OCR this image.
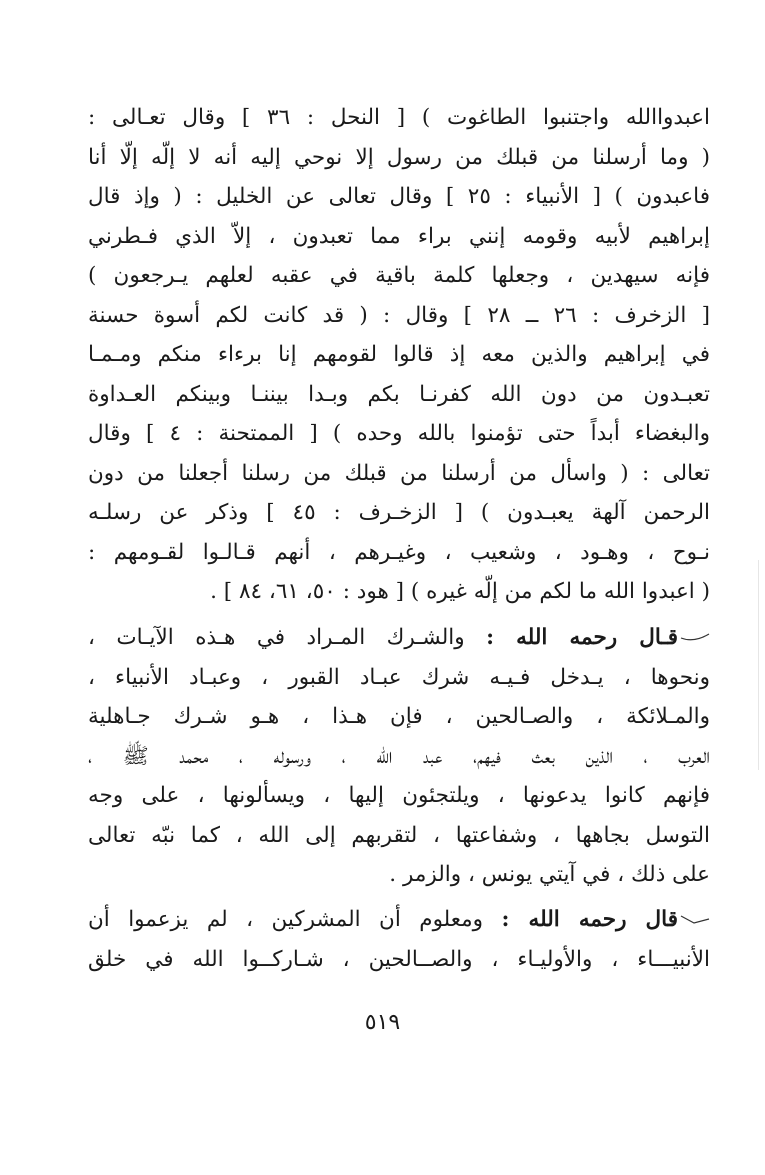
اعبدوا‌الله واجتنبوا الطاغوت ) [ النحل : ٣٦ ] وقال تعـالى :
( وما أرسلنا من قبلك من رسول إلا نوحي إليه أنه لا إلّه إلّا أنا
فاعبدون ) [ الأنبياء : ٢٥ ] وقال تعالى عن الخليل : ( وإذ قال
إبراهيم لأبيه وقومه إنني براء مما تعبدون ، إلاّ الذي فـطرني
فإنه سيهدين ، وجعلها كلمة باقية في عقبه لعلهم يـرجعون )
[ الزخرف : ٢٦ ــ ٢٨ ] وقال : ( قد كانت لكم أسوة حسنة
في إبراهيم والذين معه إذ قالوا لقومهم إنا برءاء منكم ومـمـا
تعبـدون من دون الله كفرنـا بكم وبـدا بيننـا وبينكم العـداوة
والبغضاء أبداً حتى تؤمنوا بالله وحده ) [ الممتحنة : ٤ ] وقال
تعالى : ( واسأل من أرسلنا من قبلك من رسلنا أجعلنا من دون
الرحمن آلهة يعبـدون ) [ الزخـرف : ٤٥ ] وذكر عن رسلـه
نـوح ، وهـود ، وشعيب ، وغيـرهم ، أنهم قـالـوا لقـومهم :
( اعبدوا الله ما لكم من إلّه غيره ) [ هود : ٥٠، ٦١، ٨٤ ] .
قـال رحمه الله : والشـرك المـراد في هـذه الآيـات ،
ونحوها ، يـدخل فـيـه شرك عبـاد القبور ، وعبـاد الأنبياء ،
والمـلائكة ، والصـالحين ، فإن هـذا ، هـو شـرك جـاهلية
العرب ، الذين بعث فيهم، عبد الله ، ورسوله ، محمد ﷺ ،
فإنهم كانوا يدعونها ، ويلتجئون إليها ، ويسألونها ، على وجه
التوسل بجاهها ، وشفاعتها ، لتقربهم إلى الله ، كما نبّه تعالى
على ذلك ، في آيتي يونس ، والزمر .
قال رحمه الله : ومعلوم أن المشركين ، لم يزعموا أن
الأنبيـــاء ، والأوليـاء ، والصــالحين ، شـاركــوا الله في خلق
٥١٩
